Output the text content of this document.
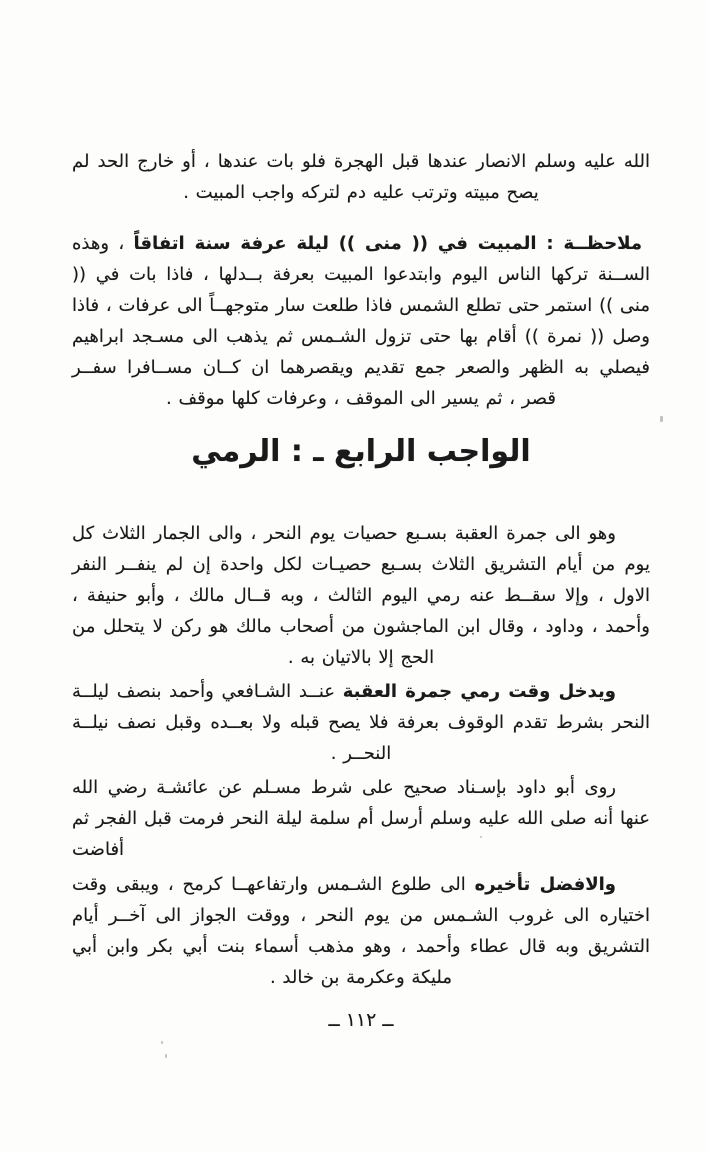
الله عليه وسلم الانصار عندها قبل الهجرة فلو بات عندها ، أو خارج الحد لم يصح مبيته وترتب عليه دم لتركه واجب المبيت .

ملاحظــة : المبيت في (( منى )) ليلة عرفة سنة اتفاقاً ، وهذه الســنة تركها الناس اليوم وابتدعوا المبيت بعرفة بــدلها ، فاذا بات في (( منى )) استمر حتى تطلع الشمس فاذا طلعت سار متوجهــاً الى عرفات ، فاذا وصل (( نمرة )) أقام بها حتى تزول الشـمس ثم يذهب الى مسـجد ابراهيم فيصلي به الظهر والصعر جمع تقديم ويقصرهما ان كــان مســافرا سفــر قصر ، ثم يسير الى الموقف ، وعرفات كلها موقف .

الواجب الرابع ـ : الرمي

وهو الى جمرة العقبة بسـبع حصيات يوم النحر ، والى الجمار الثلاث كل يوم من أيام التشريق الثلاث بسـبع حصيـات لكل واحدة إن لم ينفــر النفر الاول ، وإلا سقــط عنه رمي اليوم الثالث ، وبه قــال مالك ، وأبو حنيفة ، وأحمد ، وداود ، وقال ابن الماجشون من أصحاب مالك هو ركن لا يتحلل من الحج إلا بالاتيان به .

ويدخل وقت رمي جمرة العقبة عنــد الشـافعي وأحمد بنصف ليلــة النحر بشرط تقدم الوقوف بعرفة فلا يصح قبله ولا بعــده وقبل نصف نيلــة النحــر .

روى أبو داود بإسـناد صحيح على شرط مسـلم عن عائشـة رضي الله عنها أنه صلى الله عليه وسلم أرسل أم سلمة ليلة النحر فرمت قبل الفجر ثم أفاضت

والافضل تأخيره الى طلوع الشـمس وارتفاعهــا كرمح ، ويبقى وقت اختياره الى غروب الشـمس من يوم النحر ، ووقت الجواز الى آخــر أيام التشريق وبه قال عطاء وأحمد ، وهو مذهب أسماء بنت أبي بكر وابن أبي مليكة وعكرمة بن خالد .

ــ ١١٢ ــ
